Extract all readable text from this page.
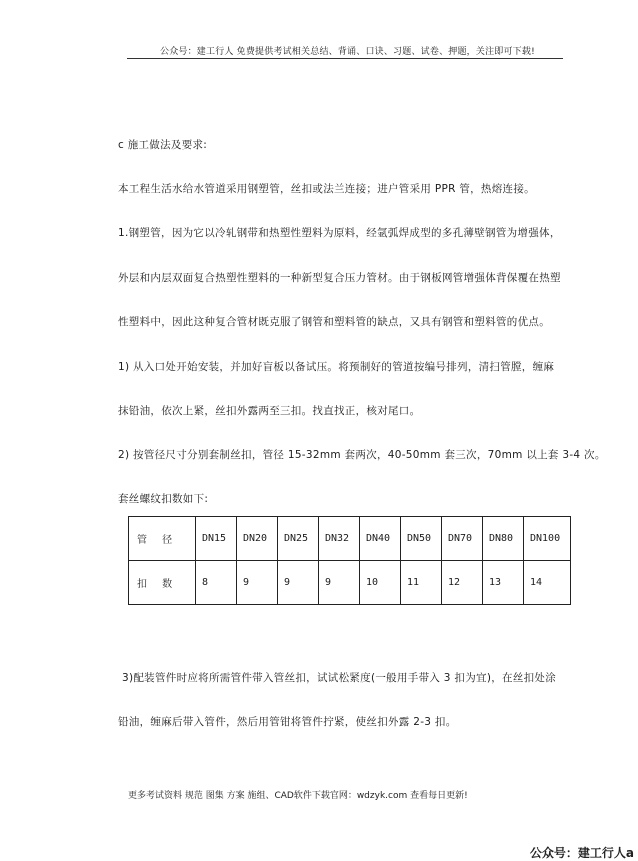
公众号：建工行人 免费提供考试相关总结、背诵、口诀、习题、试卷、押题，关注即可下载!
c 施工做法及要求:
本工程生活水给水管道采用钢塑管，丝扣或法兰连接；进户管采用 PPR 管，热熔连接。
1.钢塑管，因为它以冷轧钢带和热塑性塑料为原料，经氩弧焊成型的多孔薄壁钢管为增强体，
外层和内层双面复合热塑性塑料的一种新型复合压力管材。由于钢板网管增强体背保覆在热塑
性塑料中，因此这种复合管材既克服了钢管和塑料管的缺点，又具有钢管和塑料管的优点。
1) 从入口处开始安装，并加好盲板以备试压。将预制好的管道按编号排列，清扫管膛，缠麻
抹铅油，依次上紧，丝扣外露两至三扣。找直找正，核对尾口。
2) 按管径尺寸分别套制丝扣，管径 15-32mm 套两次，40-50mm 套三次，70mm 以上套 3-4 次。
套丝螺纹扣数如下:
管 径	DN15	DN20	DN25	DN32	DN40	DN50	DN70	DN80	DN100
扣 数	8	9	9	9	10	11	12	13	14
3)配装管件时应将所需管件带入管丝扣，试试松紧度(一般用手带入 3 扣为宜)，在丝扣处涂
铅油，缠麻后带入管件，然后用管钳将管件拧紧，使丝扣外露 2-3 扣。
更多考试资料 规范 图集 方案 施组、CAD软件下载官网：wdzyk.com 查看每日更新!
公众号：建工行人a
